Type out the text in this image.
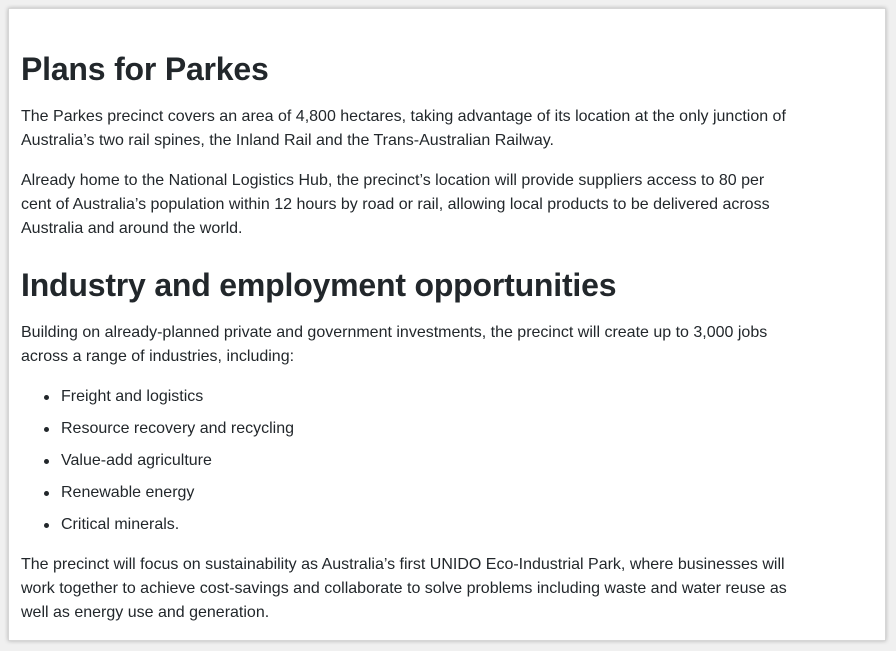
Plans for Parkes

The Parkes precinct covers an area of 4,800 hectares, taking advantage of its location at the only junction of Australia’s two rail spines, the Inland Rail and the Trans-Australian Railway.

Already home to the National Logistics Hub, the precinct’s location will provide suppliers access to 80 per cent of Australia’s population within 12 hours by road or rail, allowing local products to be delivered across Australia and around the world.

Industry and employment opportunities

Building on already-planned private and government investments, the precinct will create up to 3,000 jobs across a range of industries, including:

Freight and logistics
Resource recovery and recycling
Value-add agriculture
Renewable energy
Critical minerals.

The precinct will focus on sustainability as Australia’s first UNIDO Eco-Industrial Park, where businesses will work together to achieve cost-savings and collaborate to solve problems including waste and water reuse as well as energy use and generation.
